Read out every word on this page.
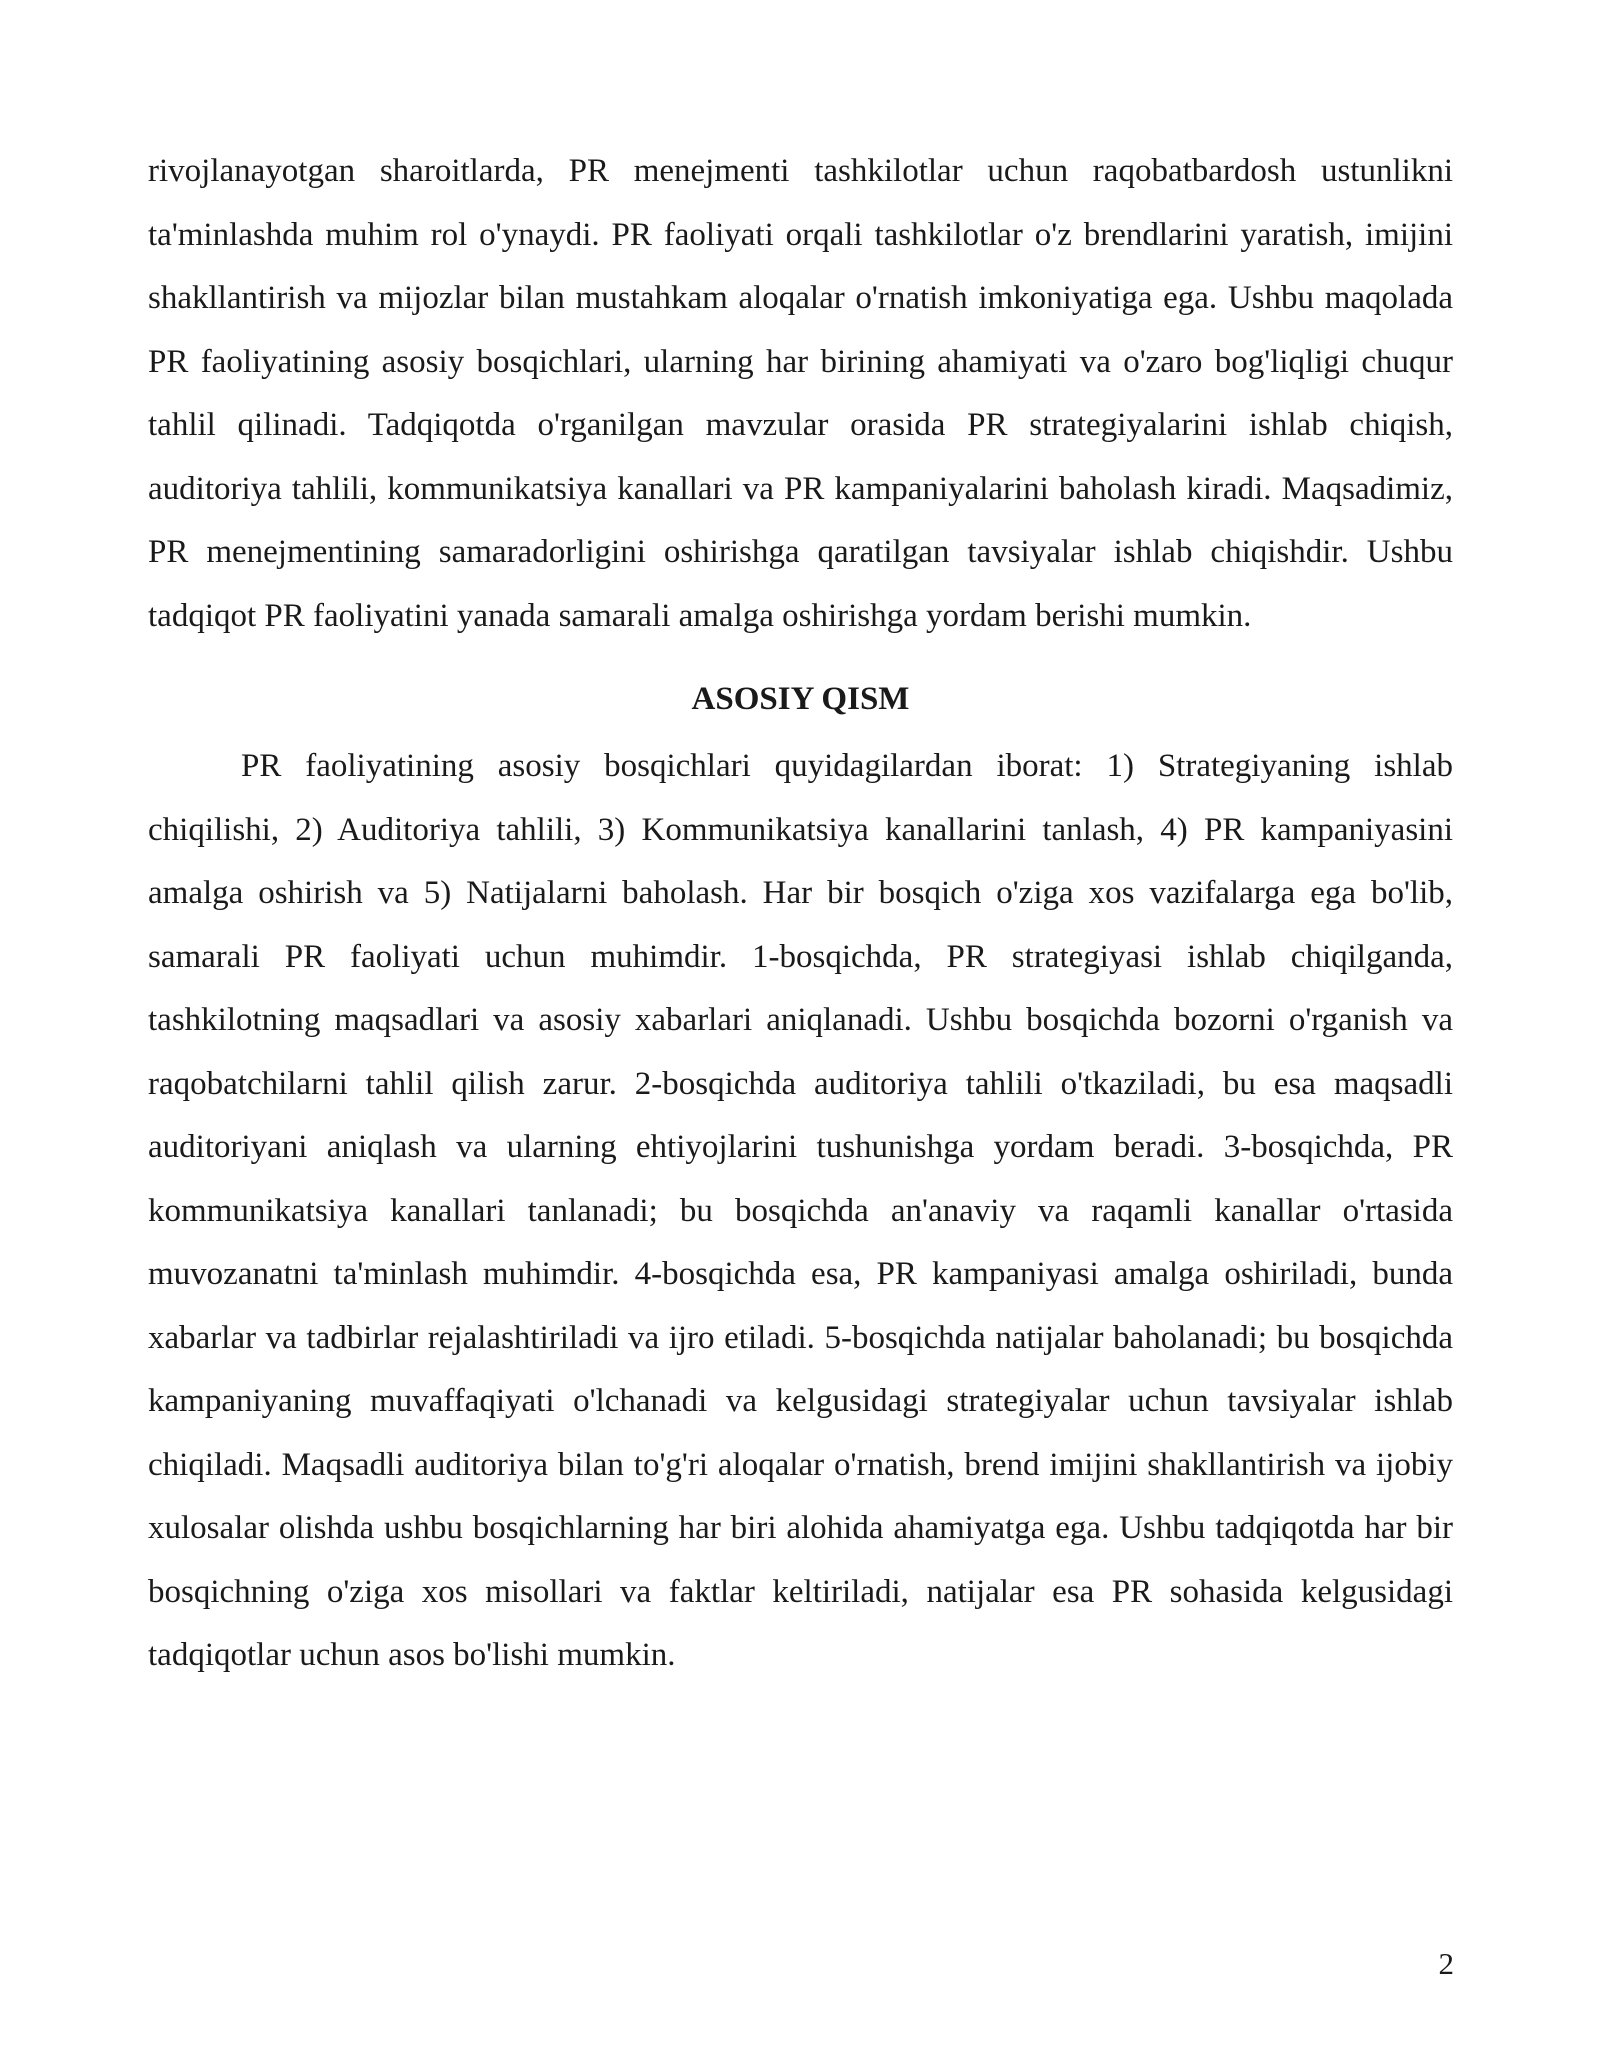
rivojlanayotgan sharoitlarda, PR menejmenti tashkilotlar uchun raqobatbardosh ustunlikni ta'minlashda muhim rol o'ynaydi. PR faoliyati orqali tashkilotlar o'z brendlarini yaratish, imijini shakllantirish va mijozlar bilan mustahkam aloqalar o'rnatish imkoniyatiga ega. Ushbu maqolada PR faoliyatining asosiy bosqichlari, ularning har birining ahamiyati va o'zaro bog'liqligi chuqur tahlil qilinadi. Tadqiqotda o'rganilgan mavzular orasida PR strategiyalarini ishlab chiqish, auditoriya tahlili, kommunikatsiya kanallari va PR kampaniyalarini baholash kiradi. Maqsadimiz, PR menejmentining samaradorligini oshirishga qaratilgan tavsiyalar ishlab chiqishdir. Ushbu tadqiqot PR faoliyatini yanada samarali amalga oshirishga yordam berishi mumkin.

ASOSIY QISM

PR faoliyatining asosiy bosqichlari quyidagilardan iborat: 1) Strategiyaning ishlab chiqilishi, 2) Auditoriya tahlili, 3) Kommunikatsiya kanallarini tanlash, 4) PR kampaniyasini amalga oshirish va 5) Natijalarni baholash. Har bir bosqich o'ziga xos vazifalarga ega bo'lib, samarali PR faoliyati uchun muhimdir. 1-bosqichda, PR strategiyasi ishlab chiqilganda, tashkilotning maqsadlari va asosiy xabarlari aniqlanadi. Ushbu bosqichda bozorni o'rganish va raqobatchilarni tahlil qilish zarur. 2-bosqichda auditoriya tahlili o'tkaziladi, bu esa maqsadli auditoriyani aniqlash va ularning ehtiyojlarini tushunishga yordam beradi. 3-bosqichda, PR kommunikatsiya kanallari tanlanadi; bu bosqichda an'anaviy va raqamli kanallar o'rtasida muvozanatni ta'minlash muhimdir. 4-bosqichda esa, PR kampaniyasi amalga oshiriladi, bunda xabarlar va tadbirlar rejalashtiriladi va ijro etiladi. 5-bosqichda natijalar baholanadi; bu bosqichda kampaniyaning muvaffaqiyati o'lchanadi va kelgusidagi strategiyalar uchun tavsiyalar ishlab chiqiladi. Maqsadli auditoriya bilan to'g'ri aloqalar o'rnatish, brend imijini shakllantirish va ijobiy xulosalar olishda ushbu bosqichlarning har biri alohida ahamiyatga ega. Ushbu tadqiqotda har bir bosqichning o'ziga xos misollari va faktlar keltiriladi, natijalar esa PR sohasida kelgusidagi tadqiqotlar uchun asos bo'lishi mumkin.

2
